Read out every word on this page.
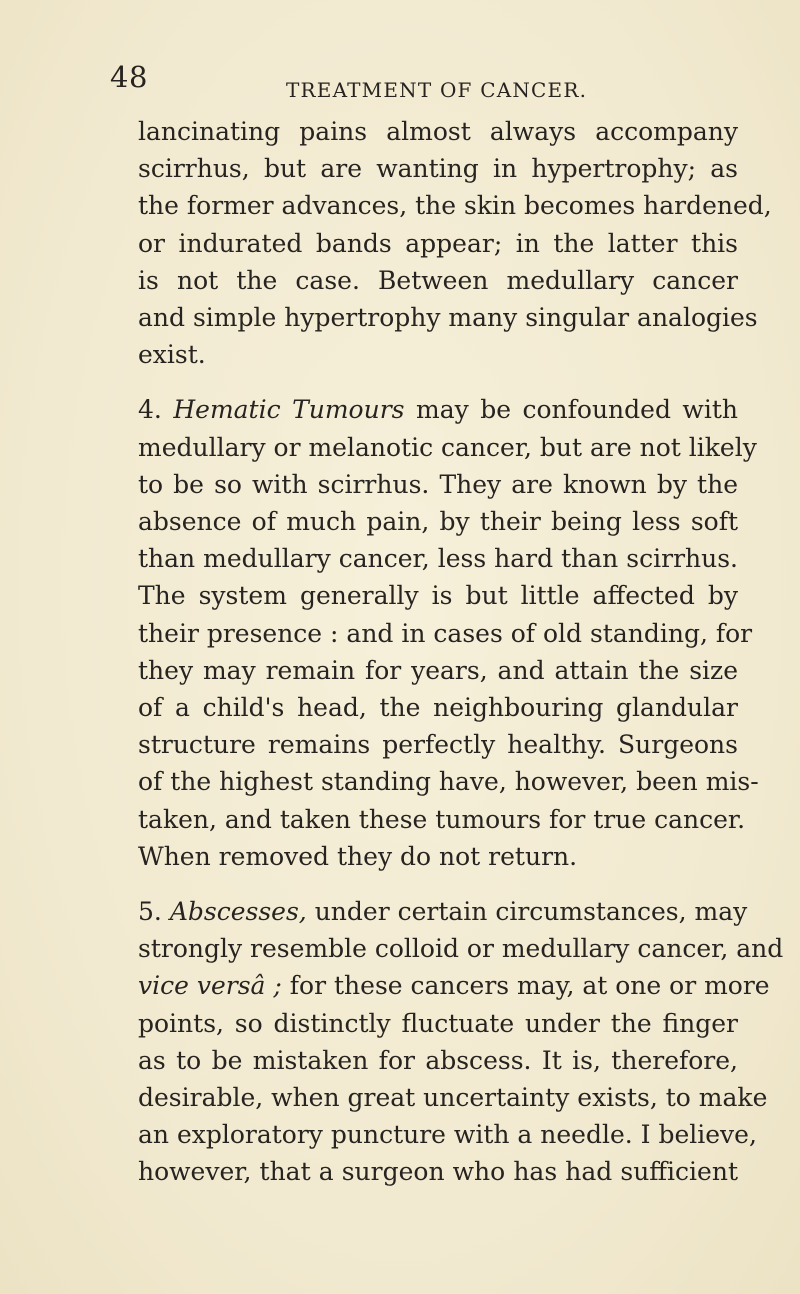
48	TREATMENT OF CANCER.

lancinating pains almost always accompany
scirrhus, but are wanting in hypertrophy; as
the former advances, the skin becomes hardened,
or indurated bands appear; in the latter this
is not the case. Between medullary cancer
and simple hypertrophy many singular analogies
exist.

4. Hematic Tumours may be confounded with
medullary or melanotic cancer, but are not likely
to be so with scirrhus. They are known by the
absence of much pain, by their being less soft
than medullary cancer, less hard than scirrhus.
The system generally is but little affected by
their presence : and in cases of old standing, for
they may remain for years, and attain the size
of a child's head, the neighbouring glandular
structure remains perfectly healthy. Surgeons
of the highest standing have, however, been mis-
taken, and taken these tumours for true cancer.
When removed they do not return.

5. Abscesses, under certain circumstances, may
strongly resemble colloid or medullary cancer, and
vice versâ ; for these cancers may, at one or more
points, so distinctly fluctuate under the finger
as to be mistaken for abscess. It is, therefore,
desirable, when great uncertainty exists, to make
an exploratory puncture with a needle. I believe,
however, that a surgeon who has had sufficient
